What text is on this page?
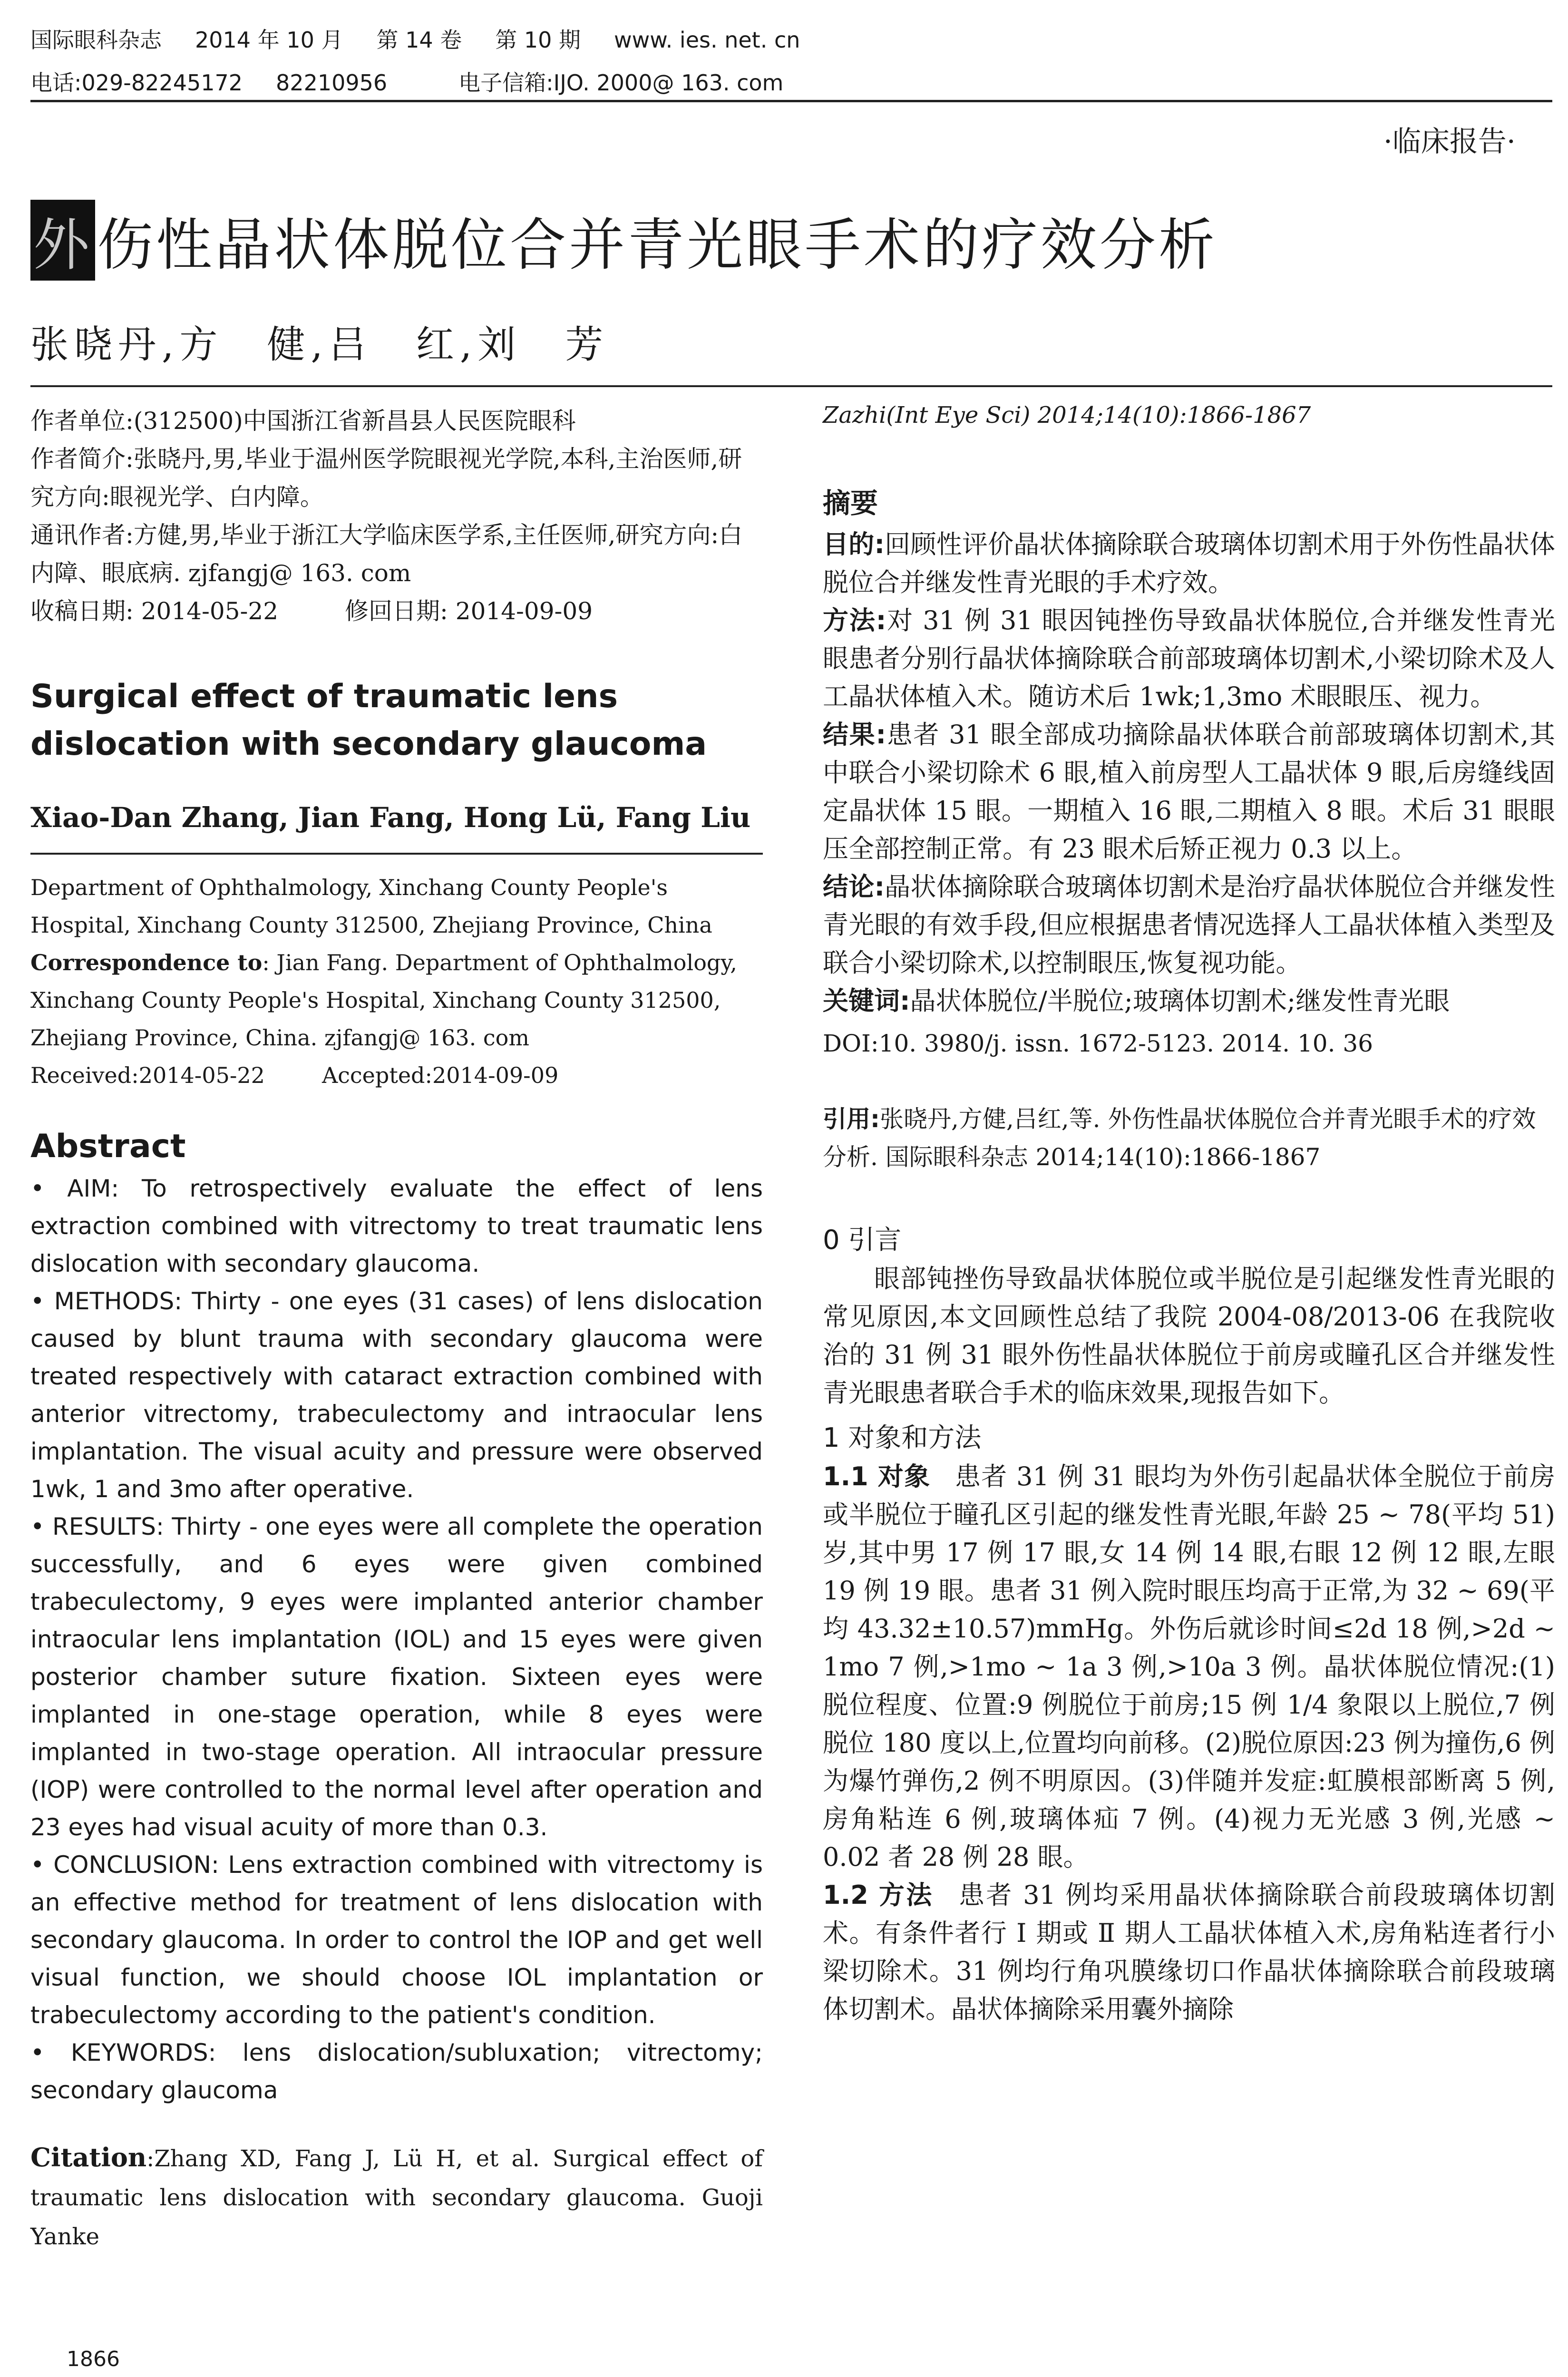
国际眼科杂志 2014 年 10 月 第 14 卷 第 10 期 www. ies. net. cn
电话:029-82245172 82210956	电子信箱:IJO. 2000@ 163. com
·临床报告·
外伤性晶状体脱位合并青光眼手术的疗效分析
张晓丹,方　健,吕　红,刘　芳

作者单位:(312500)中国浙江省新昌县人民医院眼科

作者简介:张晓丹,男,毕业于温州医学院眼视光学院,本科,主治医师,研究方向:眼视光学、白内障。

通讯作者:方健,男,毕业于浙江大学临床医学系,主任医师,研究方向:白内障、眼底病. zjfangj@ 163. com

收稿日期: 2014-05-22	修回日期: 2014-09-09

Surgical effect of traumatic lens dislocation with secondary glaucoma
Xiao-Dan Zhang, Jian Fang, Hong Lü, Fang Liu

Department of Ophthalmology, Xinchang County People's Hospital, Xinchang County 312500, Zhejiang Province, China

Correspondence to: Jian Fang. Department of Ophthalmology, Xinchang County People's Hospital, Xinchang County 312500, Zhejiang Province, China. zjfangj@ 163. com

Received:2014-05-22	Accepted:2014-09-09

Abstract

• AIM: To retrospectively evaluate the effect of lens extraction combined with vitrectomy to treat traumatic lens dislocation with secondary glaucoma.

• METHODS: Thirty - one eyes (31 cases) of lens dislocation caused by blunt trauma with secondary glaucoma were treated respectively with cataract extraction combined with anterior vitrectomy, trabeculectomy and intraocular lens implantation. The visual acuity and pressure were observed 1wk, 1 and 3mo after operative.

• RESULTS: Thirty - one eyes were all complete the operation successfully, and 6 eyes were given combined trabeculectomy, 9 eyes were implanted anterior chamber intraocular lens implantation (IOL) and 15 eyes were given posterior chamber suture fixation. Sixteen eyes were implanted in one-stage operation, while 8 eyes were implanted in two-stage operation. All intraocular pressure (IOP) were controlled to the normal level after operation and 23 eyes had visual acuity of more than 0.3.

• CONCLUSION: Lens extraction combined with vitrectomy is an effective method for treatment of lens dislocation with secondary glaucoma. In order to control the IOP and get well visual function, we should choose IOL implantation or trabeculectomy according to the patient's condition.

• KEYWORDS: lens dislocation/subluxation; vitrectomy; secondary glaucoma

Citation:Zhang XD, Fang J, Lü H, et al. Surgical effect of traumatic lens dislocation with secondary glaucoma. Guoji Yanke
Zazhi(Int Eye Sci) 2014;14(10):1866-1867
摘要

目的:回顾性评价晶状体摘除联合玻璃体切割术用于外伤性晶状体脱位合并继发性青光眼的手术疗效。

方法:对 31 例 31 眼因钝挫伤导致晶状体脱位,合并继发性青光眼患者分别行晶状体摘除联合前部玻璃体切割术,小梁切除术及人工晶状体植入术。随访术后 1wk;1,3mo 术眼眼压、视力。

结果:患者 31 眼全部成功摘除晶状体联合前部玻璃体切割术,其中联合小梁切除术 6 眼,植入前房型人工晶状体 9 眼,后房缝线固定晶状体 15 眼。一期植入 16 眼,二期植入 8 眼。术后 31 眼眼压全部控制正常。有 23 眼术后矫正视力 0.3 以上。

结论:晶状体摘除联合玻璃体切割术是治疗晶状体脱位合并继发性青光眼的有效手段,但应根据患者情况选择人工晶状体植入类型及联合小梁切除术,以控制眼压,恢复视功能。

关键词:晶状体脱位/半脱位;玻璃体切割术;继发性青光眼

DOI:10. 3980/j. issn. 1672-5123. 2014. 10. 36
引用:张晓丹,方健,吕红,等. 外伤性晶状体脱位合并青光眼手术的疗效分析. 国际眼科杂志 2014;14(10):1866-1867
0 引言

眼部钝挫伤导致晶状体脱位或半脱位是引起继发性青光眼的常见原因,本文回顾性总结了我院 2004-08/2013-06 在我院收治的 31 例 31 眼外伤性晶状体脱位于前房或瞳孔区合并继发性青光眼患者联合手术的临床效果,现报告如下。

1 对象和方法

1.1 对象 患者 31 例 31 眼均为外伤引起晶状体全脱位于前房或半脱位于瞳孔区引起的继发性青光眼,年龄 25 ~ 78(平均 51)岁,其中男 17 例 17 眼,女 14 例 14 眼,右眼 12 例 12 眼,左眼 19 例 19 眼。患者 31 例入院时眼压均高于正常,为 32 ~ 69(平均 43.32±10.57)mmHg。外伤后就诊时间≤2d 18 例,>2d ~ 1mo 7 例,>1mo ~ 1a 3 例,>10a 3 例。晶状体脱位情况:(1)脱位程度、位置:9 例脱位于前房;15 例 1/4 象限以上脱位,7 例脱位 180 度以上,位置均向前移。(2)脱位原因:23 例为撞伤,6 例为爆竹弹伤,2 例不明原因。(3)伴随并发症:虹膜根部断离 5 例,房角粘连 6 例,玻璃体疝 7 例。(4)视力无光感 3 例,光感 ~ 0.02 者 28 例 28 眼。

1.2 方法 患者 31 例均采用晶状体摘除联合前段玻璃体切割术。有条件者行 Ⅰ 期或 Ⅱ 期人工晶状体植入术,房角粘连者行小梁切除术。31 例均行角巩膜缘切口作晶状体摘除联合前段玻璃体切割术。晶状体摘除采用囊外摘除

1866
